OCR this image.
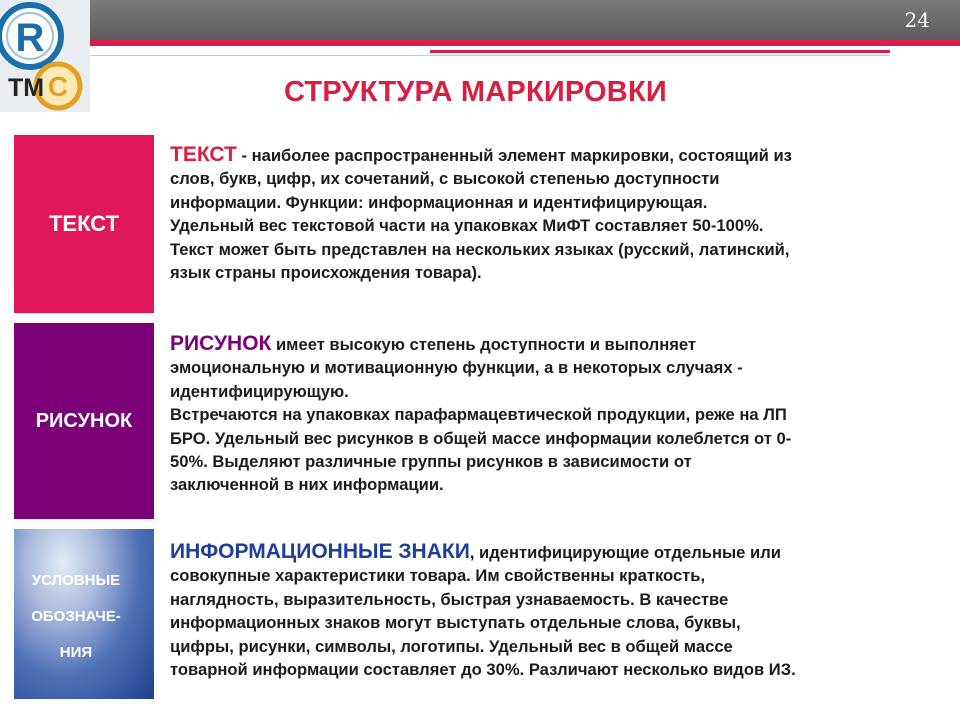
24
R
C
TM	СТРУКТУРА МАРКИРОВКИ
ТЕКСТ
РИСУНОК
УСЛОВНЫЕ
ОБОЗНАЧЕ-
НИЯ
ТЕКСТ - наиболее распространенный элемент маркировки, состоящий из
слов, букв, цифр, их сочетаний, с высокой степенью доступности
информации. Функции: информационная и идентифицирующая.
Удельный вес текстовой части на упаковках МиФТ составляет 50-100%.
Текст может быть представлен на нескольких языках (русский, латинский,
язык страны происхождения товара).
РИСУНОК имеет высокую степень доступности и выполняет
эмоциональную и мотивационную функции, а в некоторых случаях -
идентифицирующую.
Встречаются на упаковках парафармацевтической продукции, реже на ЛП
БРО. Удельный вес рисунков в общей массе информации колеблется от 0-
50%. Выделяют различные группы рисунков в зависимости от
заключенной в них информации.
ИНФОРМАЦИОННЫЕ ЗНАКИ, идентифицирующие отдельные или
совокупные характеристики товара. Им свойственны краткость,
наглядность, выразительность, быстрая узнаваемость. В качестве
информационных знаков могут выступать отдельные слова, буквы,
цифры, рисунки, символы, логотипы. Удельный вес в общей массе
товарной информации составляет до 30%. Различают несколько видов ИЗ.
